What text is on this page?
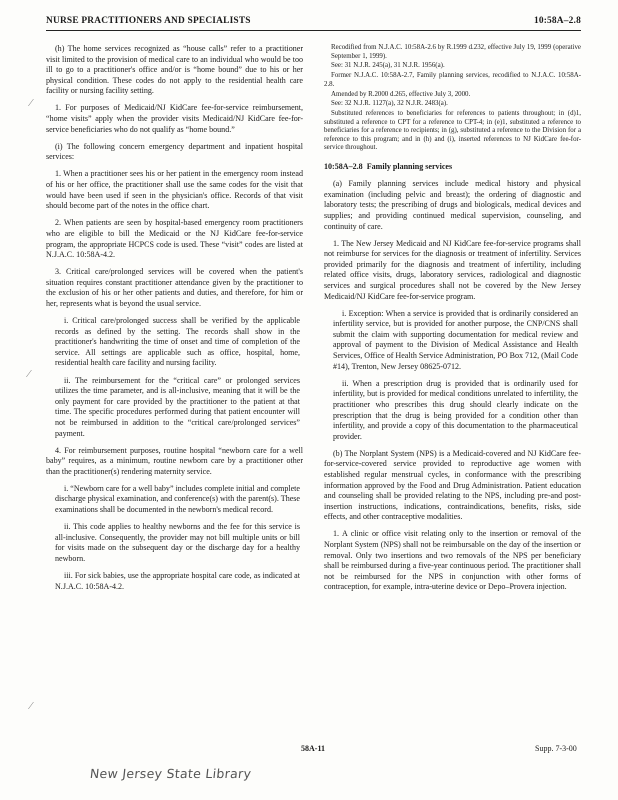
NURSE PRACTITIONERS AND SPECIALISTS	10:58A–2.8

(h) The home services recognized as “house calls” refer to a practitioner visit limited to the provision of medical care to an individual who would be too ill to go to a practitioner's office and/or is “home bound” due to his or her physical condition. These codes do not apply to the residential health care facility or nursing facility setting.

1. For purposes of Medicaid/NJ KidCare fee-for-service reimbursement, “home visits” apply when the provider visits Medicaid/NJ KidCare fee-for-service beneficiaries who do not qualify as “home bound.”

(i) The following concern emergency department and inpatient hospital services:

1. When a practitioner sees his or her patient in the emergency room instead of his or her office, the practitioner shall use the same codes for the visit that would have been used if seen in the physician's office. Records of that visit should become part of the notes in the office chart.

2. When patients are seen by hospital-based emergency room practitioners who are eligible to bill the Medicaid or the NJ KidCare fee-for-service program, the appropriate HCPCS code is used. These “visit” codes are listed at N.J.A.C. 10:58A-4.2.

3. Critical care/prolonged services will be covered when the patient's situation requires constant practitioner attendance given by the practitioner to the exclusion of his or her other patients and duties, and therefore, for him or her, represents what is beyond the usual service.

i. Critical care/prolonged success shall be verified by the applicable records as defined by the setting. The records shall show in the practitioner's handwriting the time of onset and time of completion of the service. All settings are applicable such as office, hospital, home, residential health care facility and nursing facility.

ii. The reimbursement for the “critical care” or prolonged services utilizes the time parameter, and is all-inclusive, meaning that it will be the only payment for care provided by the practitioner to the patient at that time. The specific procedures performed during that patient encounter will not be reimbursed in addition to the “critical care/prolonged services” payment.

4. For reimbursement purposes, routine hospital “newborn care for a well baby” requires, as a minimum, routine newborn care by a practitioner other than the practitioner(s) rendering maternity service.

i. “Newborn care for a well baby” includes complete initial and complete discharge physical examination, and conference(s) with the parent(s). These examinations shall be documented in the newborn's medical record.

ii. This code applies to healthy newborns and the fee for this service is all-inclusive. Consequently, the provider may not bill multiple units or bill for visits made on the subsequent day or the discharge day for a healthy newborn.

iii. For sick babies, use the appropriate hospital care code, as indicated at N.J.A.C. 10:58A-4.2.

Recodified from N.J.A.C. 10:58A-2.6 by R.1999 d.232, effective July 19, 1999 (operative September 1, 1999).

See: 31 N.J.R. 245(a), 31 N.J.R. 1956(a).

Former N.J.A.C. 10:58A-2.7, Family planning services, recodified to N.J.A.C. 10:58A-2.8.

Amended by R.2000 d.265, effective July 3, 2000.

See: 32 N.J.R. 1127(a), 32 N.J.R. 2483(a).

Substituted references to beneficiaries for references to patients throughout; in (d)1, substituted a reference to CPT for a reference to CPT-4; in (e)1, substituted a reference to beneficiaries for a reference to recipients; in (g), substituted a reference to the Division for a reference to this program; and in (h) and (i), inserted references to NJ KidCare fee-for-service throughout.

10:58A–2.8 Family planning services

(a) Family planning services include medical history and physical examination (including pelvic and breast); the ordering of diagnostic and laboratory tests; the prescribing of drugs and biologicals, medical devices and supplies; and providing continued medical supervision, counseling, and continuity of care.

1. The New Jersey Medicaid and NJ KidCare fee-for-service programs shall not reimburse for services for the diagnosis or treatment of infertility. Services provided primarily for the diagnosis and treatment of infertility, including related office visits, drugs, laboratory services, radiological and diagnostic services and surgical procedures shall not be covered by the New Jersey Medicaid/NJ KidCare fee-for-service program.

i. Exception: When a service is provided that is ordinarily considered an infertility service, but is provided for another purpose, the CNP/CNS shall submit the claim with supporting documentation for medical review and approval of payment to the Division of Medical Assistance and Health Services, Office of Health Service Administration, PO Box 712, (Mail Code #14), Trenton, New Jersey 08625-0712.

ii. When a prescription drug is provided that is ordinarily used for infertility, but is provided for medical conditions unrelated to infertility, the practitioner who prescribes this drug should clearly indicate on the prescription that the drug is being provided for a condition other than infertility, and provide a copy of this documentation to the pharmaceutical provider.

(b) The Norplant System (NPS) is a Medicaid-covered and NJ KidCare fee-for-service-covered service provided to reproductive age women with established regular menstrual cycles, in conformance with the prescribing information approved by the Food and Drug Administration. Patient education and counseling shall be provided relating to the NPS, including pre-and post-insertion instructions, indications, contraindications, benefits, risks, side effects, and other contraceptive modalities.

1. A clinic or office visit relating only to the insertion or removal of the Norplant System (NPS) shall not be reimbursable on the day of the insertion or removal. Only two insertions and two removals of the NPS per beneficiary shall be reimbursed during a five-year continuous period. The practitioner shall not be reimbursed for the NPS in conjunction with other forms of contraception, for example, intra-uterine device or Depo–Provera injection.

⁄
⁄
⁄
58A-11	Supp. 7-3-00
New Jersey State Library
